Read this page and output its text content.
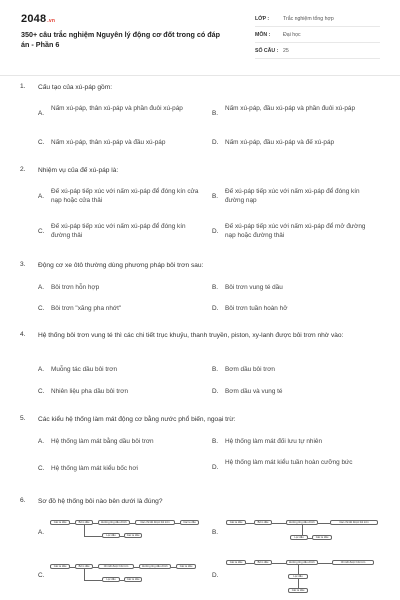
2048.vn
350+ câu trắc nghiệm Nguyên lý động cơ đốt trong có đáp án - Phần 6
LỚP :	Trắc nghiệm tổng hợp
MÔN : Đại học
SỐ CÂU : 25
1. Cấu tạo của xú-páp gồm:
A.
Nấm xú-páp, thân xú-páp và phần đuôi xú-páp
B.
Nấm xú-páp, đầu xú-páp và phần đuôi xú-páp
C. Nấm xú-páp, thân xú-páp và đầu xú-páp	D. Nấm xú-páp, đầu xú-páp và đế xú-páp
2. Nhiệm vụ của đế xú-páp là:
A.
Đế xú-páp tiếp xúc với nấm xú-páp để đóng kín cửa nạp hoặc cửa thải
B.
Đế xú-páp tiếp xúc với nấm xú-páp để đóng kín đường nạp
C.
Đế xú-páp tiếp xúc với nấm xú-páp để đóng kín đường thải
D.
Đế xú-páp tiếp xúc với nấm xú-páp để mở đường nạp hoặc đường thải
3. Động cơ xe ôtô thường dùng phương pháp bôi trơn sau:
A. Bôi trơn hỗn hợp	B. Bôi trơn vung té dầu
C. Bôi trơn "xăng pha nhớt"	D. Bôi trơn tuần hoàn hở
4. Hệ thống bôi trơn vung té thì các chi tiết trục khuỷu, thanh truyền, piston, xy-lanh được bôi trơn nhờ vào:
A. Muỗng tác dầu bôi trơn	B. Bơm dầu bôi trơn
C. Nhiên liệu pha dầu bôi trơn	D. Bơm dầu và vung té
5. Các kiểu hệ thống làm mát động cơ bằng nước phổ biến, ngoại trừ:
A. Hệ thống làm mát bằng dầu bôi trơn	B. Hệ thống làm mát đối lưu tự nhiên
C. Hệ thống làm mát kiểu bốc hơi	D.
Hệ thống làm mát kiểu tuần hoàn cưỡng bức
6. Sơ đồ hệ thống bôi nào bên dưới là đúng?
A.	B.
C.	D.
Các te dầu	Bơm dầu	Đường ống dầu chính	Các chi tiết được bôi trơn	Các te dầu
Lọc dầu	Cac te dầu
Các te dầu	Bơm dầu	Đường ống dầu chính	Các chi tiết được bôi trơn
Lọc dầu	Các te dầu
Các te dầu	Bơm dầu	Chi tiết được bôi trơn	Đường ống dầu chính	Các te dầu
Lọc dầu	Các te dầu
Các te dầu	Bơm dầu	Đường ống dầu chính	Chi tiết được bôi trơn
Lọc dầu
Các te dầu
